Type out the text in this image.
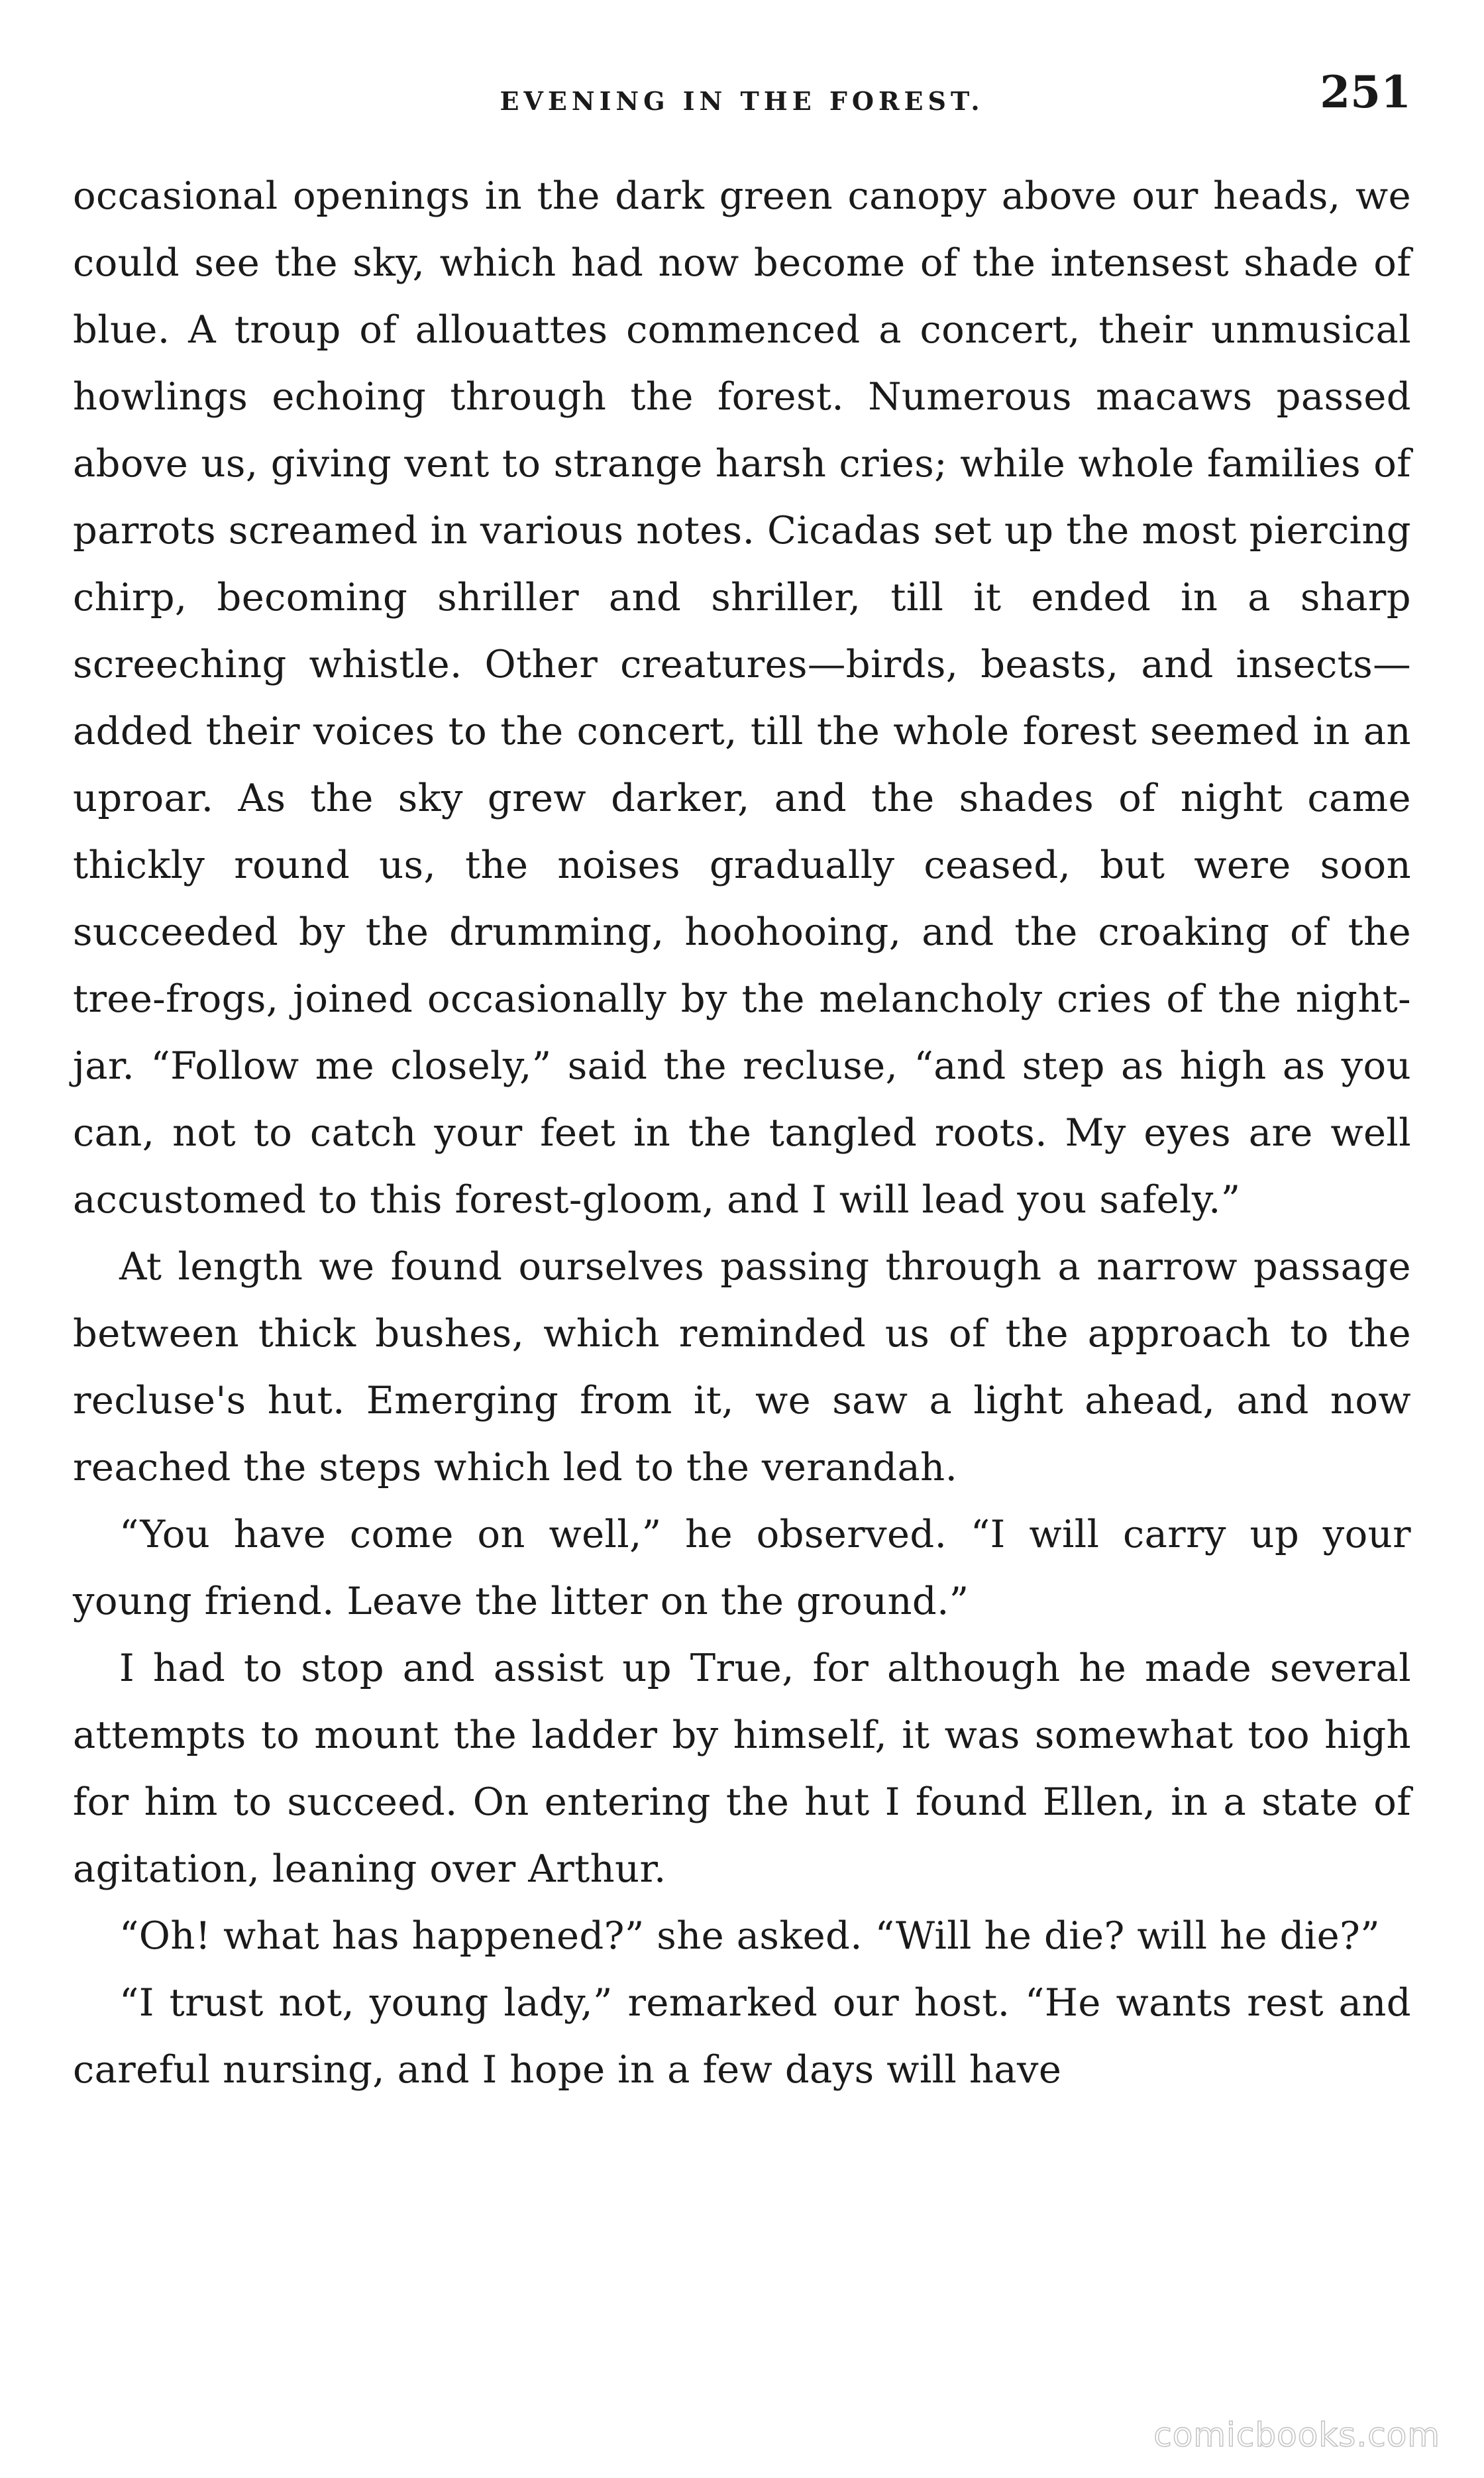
EVENING IN THE FOREST.	251

occasional openings in the dark green canopy above our heads, we could see the sky, which had now become of the intensest shade of blue. A troup of allouattes commenced a concert, their unmusical howlings echoing through the forest. Numerous macaws passed above us, giving vent to strange harsh cries; while whole families of parrots screamed in various notes. Cicadas set up the most piercing chirp, becoming shriller and shriller, till it ended in a sharp screeching whistle. Other creatures—birds, beasts, and insects—added their voices to the concert, till the whole forest seemed in an uproar. As the sky grew darker, and the shades of night came thickly round us, the noises gradually ceased, but were soon succeeded by the drumming, hoohooing, and the croaking of the tree-frogs, joined occasionally by the melancholy cries of the night-jar. “Follow me closely,” said the recluse, “and step as high as you can, not to catch your feet in the tangled roots. My eyes are well accustomed to this forest-gloom, and I will lead you safely.”

At length we found ourselves passing through a narrow passage between thick bushes, which reminded us of the approach to the recluse's hut. Emerging from it, we saw a light ahead, and now reached the steps which led to the verandah.

“You have come on well,” he observed. “I will carry up your young friend. Leave the litter on the ground.”

I had to stop and assist up True, for although he made several attempts to mount the ladder by himself, it was somewhat too high for him to succeed. On entering the hut I found Ellen, in a state of agitation, leaning over Arthur.

“Oh! what has happened?” she asked. “Will he die? will he die?”

“I trust not, young lady,” remarked our host. “He wants rest and careful nursing, and I hope in a few days will have

comicbooks.com
